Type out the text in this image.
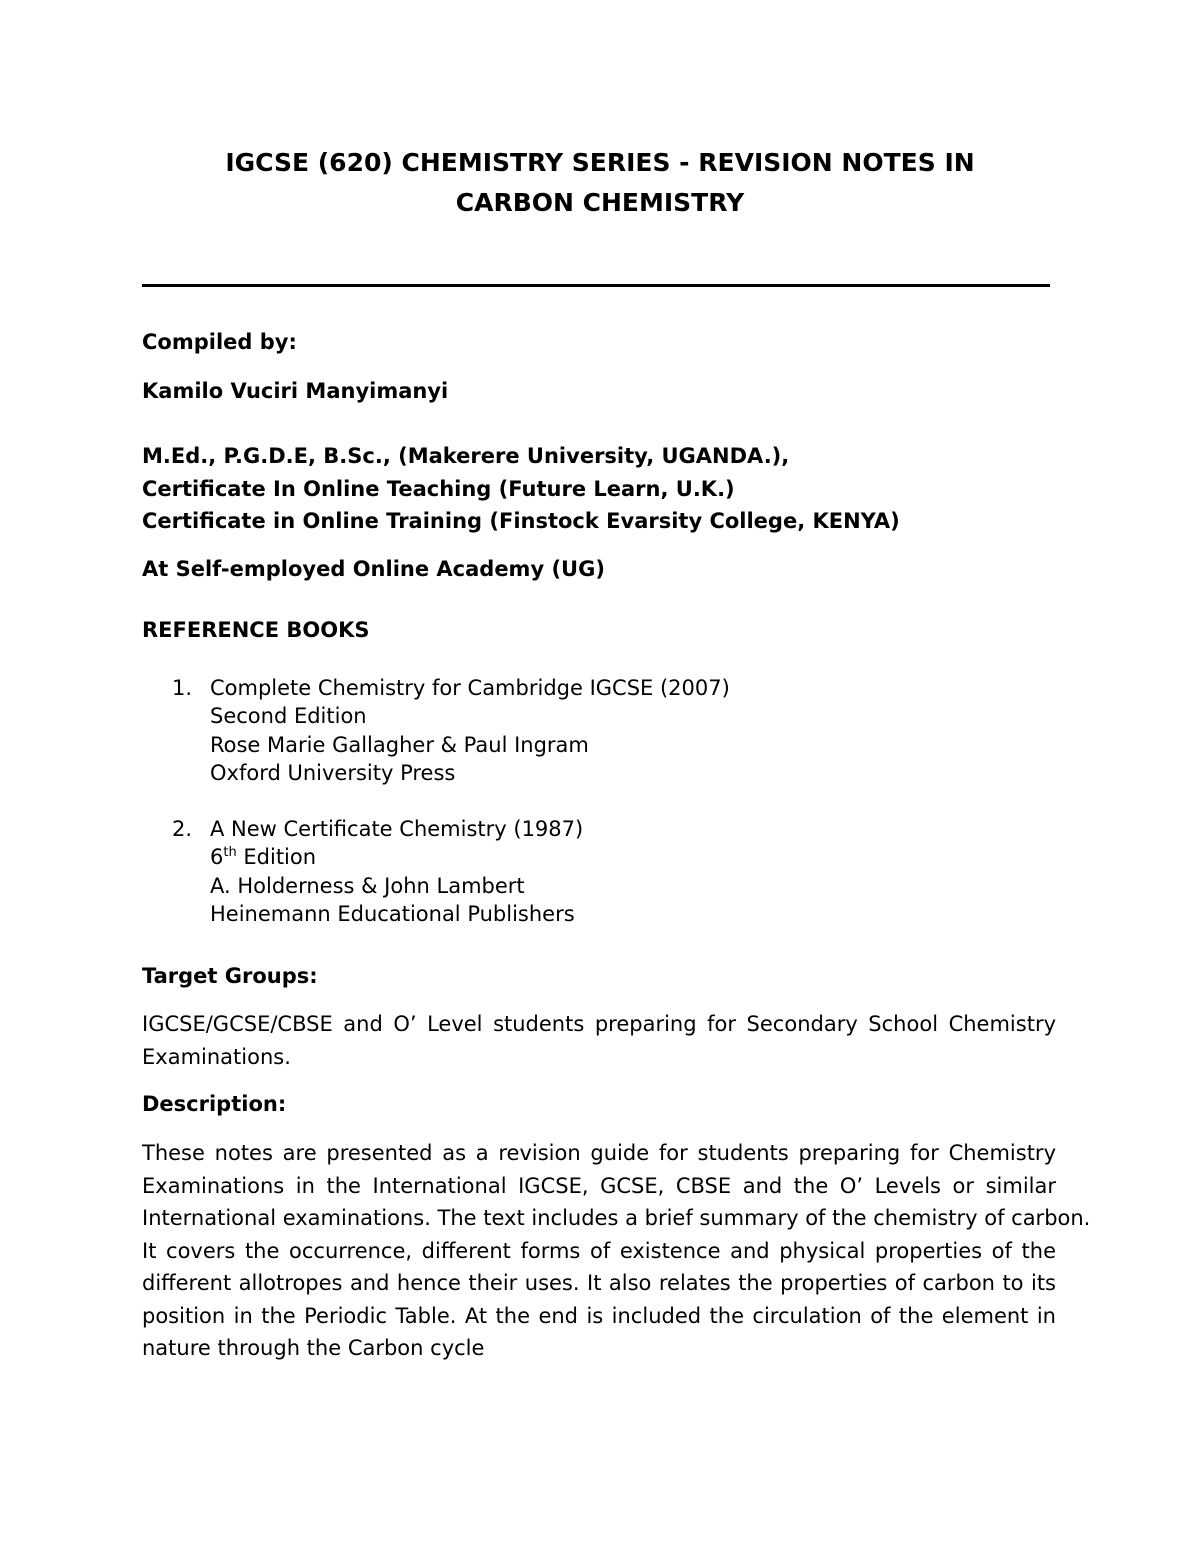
IGCSE (620) CHEMISTRY SERIES - REVISION NOTES IN
CARBON CHEMISTRY
Compiled by:
Kamilo Vuciri Manyimanyi
M.Ed., P.G.D.E, B.Sc., (Makerere University, UGANDA.),
Certificate In Online Teaching (Future Learn, U.K.)
Certificate in Online Training (Finstock Evarsity College, KENYA)
At Self-employed Online Academy (UG)
REFERENCE BOOKS
1. Complete Chemistry for Cambridge IGCSE (2007)
Second Edition
Rose Marie Gallagher & Paul Ingram
Oxford University Press
2. A New Certificate Chemistry (1987)
6th Edition
A. Holderness & John Lambert
Heinemann Educational Publishers
Target Groups:
IGCSE/GCSE/CBSE and O’ Level students preparing for Secondary School Chemistry
Examinations.
Description:
These notes are presented as a revision guide for students preparing for Chemistry
Examinations in the International IGCSE, GCSE, CBSE and the O’ Levels or similar
International examinations. The text includes a brief summary of the chemistry of carbon.
It covers the occurrence, different forms of existence and physical properties of the
different allotropes and hence their uses. It also relates the properties of carbon to its
position in the Periodic Table. At the end is included the circulation of the element in
nature through the Carbon cycle
